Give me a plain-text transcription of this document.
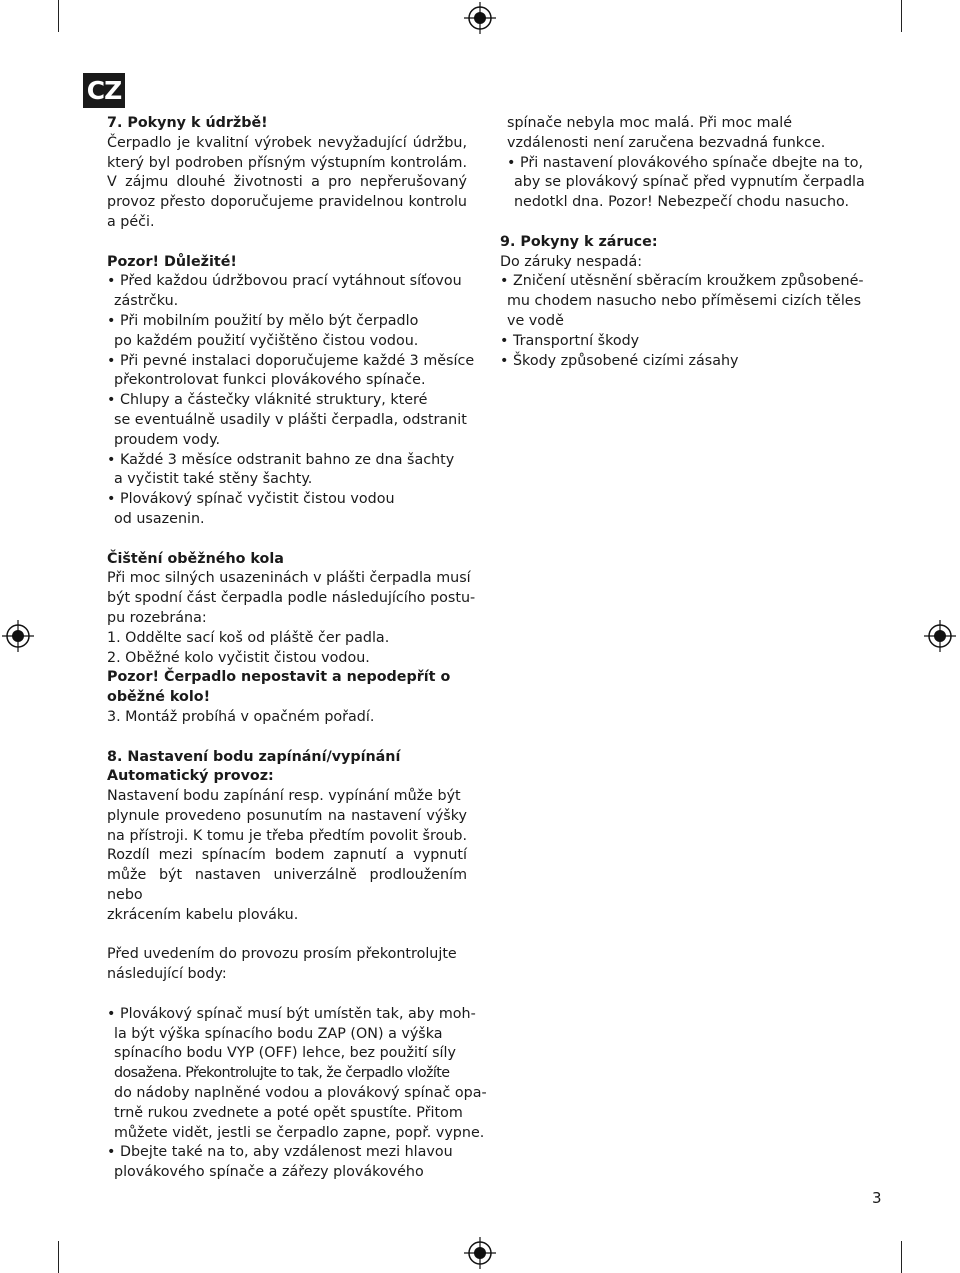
CZ
7. Pokyny k údržbě!
Čerpadlo je kvalitní výrobek nevyžadující údržbu,
který byl podroben přísným výstupním kontrolám.
V zájmu dlouhé životnosti a pro nepřerušovaný
provoz přesto doporučujeme pravidelnou kontrolu
a péči.
Pozor! Důležité!
• Před každou údržbovou prací vytáhnout síťovou
zástrčku.
• Při mobilním použití by mělo být čerpadlo
po každém použití vyčištěno čistou vodou.
• Při pevné instalaci doporučujeme každé 3 měsíce
překontrolovat funkci plovákového spínače.
• Chlupy a částečky vláknité struktury, které
se eventuálně usadily v plášti čerpadla, odstranit
proudem vody.
• Každé 3 měsíce odstranit bahno ze dna šachty
a vyčistit také stěny šachty.
• Plovákový spínač vyčistit čistou vodou
od usazenin.
Čištění oběžného kola
Při moc silných usazeninách v plášti čerpadla musí
být spodní část čerpadla podle následujícího postu-
pu rozebrána:
1. Oddělte sací koš od pláště čer padla.
2. Oběžné kolo vyčistit čistou vodou.
Pozor! Čerpadlo nepostavit a nepodepřít o
oběžné kolo!
3. Montáž probíhá v opačném pořadí.
8. Nastavení bodu zapínání/vypínání
Automatický provoz:
Nastavení bodu zapínání resp. vypínání může být
plynule provedeno posunutím na nastavení výšky
na přístroji. K tomu je třeba předtím povolit šroub.
Rozdíl mezi spínacím bodem zapnutí a vypnutí
může být nastaven univerzálně prodloužením nebo
zkrácením kabelu plováku.
Před uvedením do provozu prosím překontrolujte
následující body:
• Plovákový spínač musí být umístěn tak, aby moh-
la být výška spínacího bodu ZAP (ON) a výška
spínacího bodu VYP (OFF) lehce, bez použití síly
dosažena. Překontrolujte to tak, že čerpadlo vložíte
do nádoby naplněné vodou a plovákový spínač opa-
trně rukou zvednete a poté opět spustíte. Přitom
můžete vidět, jestli se čerpadlo zapne, popř. vypne.
• Dbejte také na to, aby vzdálenost mezi hlavou
plovákového spínače a zářezy plovákového
spínače nebyla moc malá. Při moc malé
vzdálenosti není zaručena bezvadná funkce.
• Při nastavení plovákového spínače dbejte na to,
aby se plovákový spínač před vypnutím čerpadla
nedotkl dna. Pozor! Nebezpečí chodu nasucho.
9. Pokyny k záruce:
Do záruky nespadá:
• Zničení utěsnění sběracím kroužkem způsobené-
mu chodem nasucho nebo příměsemi cizích těles
ve vodě
• Transportní škody
• Škody způsobené cizími zásahy
3
